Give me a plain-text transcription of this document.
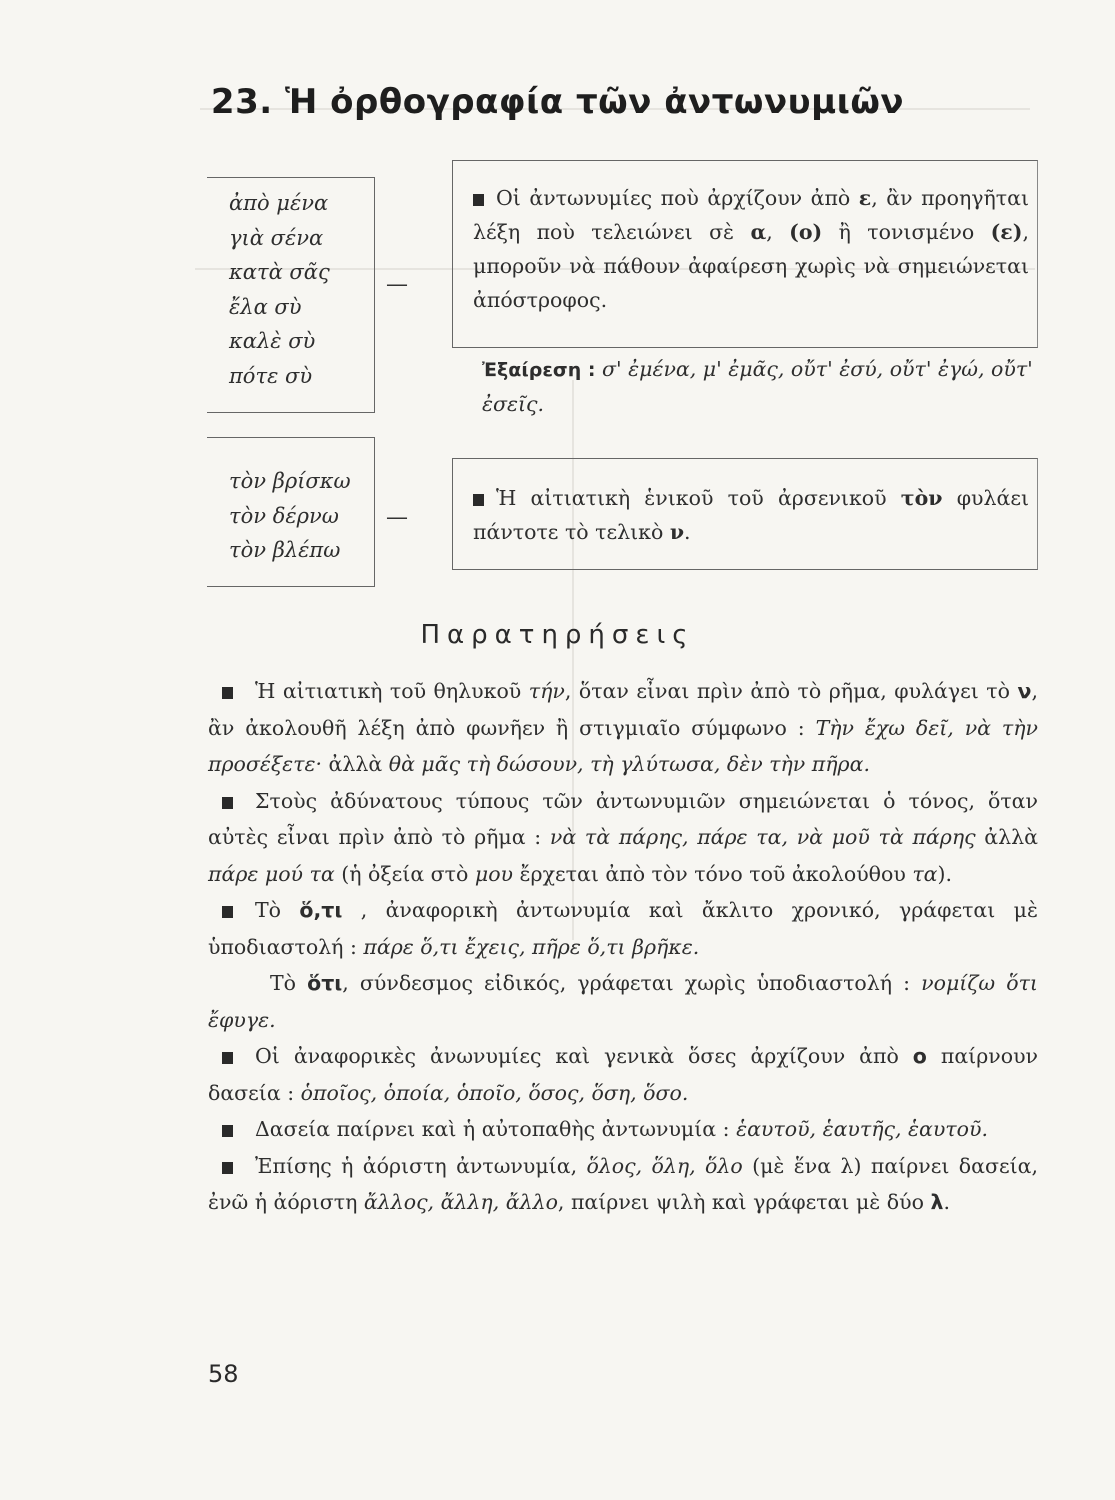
23. Ἡ ὀρθογραφία τῶν ἀντωνυμιῶν
ἀπὸ μένα
γιὰ σένα
κατὰ σᾶς
ἔλα σὺ
καλὲ σὺ
πότε σὺ
—
Οἱ ἀντωνυμίες ποὺ ἀρχίζουν ἀπὸ ε, ἂν προηγῆται λέξη ποὺ τελειώνει σὲ α, (ο) ἢ τονισμένο (ε), μποροῦν νὰ πάθουν ἀφαίρεση χωρὶς νὰ σημειώνεται ἀπόστροφος.
Ἐξαίρεση : σ' ἐμένα, μ' ἐμᾶς, οὔτ' ἐσύ, οὔτ' ἐγώ, οὔτ' ἐσεῖς.
τὸν βρίσκω
τὸν δέρνω
τὸν βλέπω
—
Ἡ αἰτιατικὴ ἑνικοῦ τοῦ ἀρσενικοῦ τὸν φυλάει πάντοτε τὸ τελικὸ ν.
Παρατηρήσεις

Ἡ αἰτιατικὴ τοῦ θηλυκοῦ τήν, ὅταν εἶναι πρὶν ἀπὸ τὸ ρῆμα, φυλάγει τὸ ν, ἂν ἀκολουθῆ λέξη ἀπὸ φωνῆεν ἢ στιγμιαῖο σύμφωνο : Τὴν ἔχω δεῖ, νὰ τὴν προσέξετε· ἀλλὰ θὰ μᾶς τὴ δώσουν, τὴ γλύτωσα, δὲν τὴν πῆρα.

Στοὺς ἀδύνατους τύπους τῶν ἀντωνυμιῶν σημειώνεται ὁ τόνος, ὅταν αὐτὲς εἶναι πρὶν ἀπὸ τὸ ρῆμα : νὰ τὰ πάρης, πάρε τα, νὰ μοῦ τὰ πάρης ἀλλὰ πάρε μού τα (ἡ ὀξεία στὸ μου ἔρχεται ἀπὸ τὸν τόνο τοῦ ἀκολούθου τα).

Τὸ ὅ,τι , ἀναφορικὴ ἀντωνυμία καὶ ἄκλιτο χρονικό, γράφεται μὲ ὑποδιαστολή : πάρε ὅ,τι ἔχεις, πῆρε ὅ,τι βρῆκε.

Τὸ ὅτι, σύνδεσμος εἰδικός, γράφεται χωρὶς ὑποδιαστολή : νομίζω ὅτι ἔφυγε.

Οἱ ἀναφορικὲς ἀνωνυμίες καὶ γενικὰ ὅσες ἀρχίζουν ἀπὸ ο παίρνουν δασεία : ὁποῖος, ὁποία, ὁποῖο, ὅσος, ὅση, ὅσο.

Δασεία παίρνει καὶ ἡ αὐτοπαθὴς ἀντωνυμία : ἑαυτοῦ, ἑαυτῆς, ἑαυτοῦ.

Ἐπίσης ἡ ἀόριστη ἀντωνυμία, ὅλος, ὅλη, ὅλο (μὲ ἕνα λ) παίρνει δασεία, ἐνῶ ἡ ἀόριστη ἄλλος, ἄλλη, ἄλλο, παίρνει ψιλὴ καὶ γράφεται μὲ δύο λ.

58
